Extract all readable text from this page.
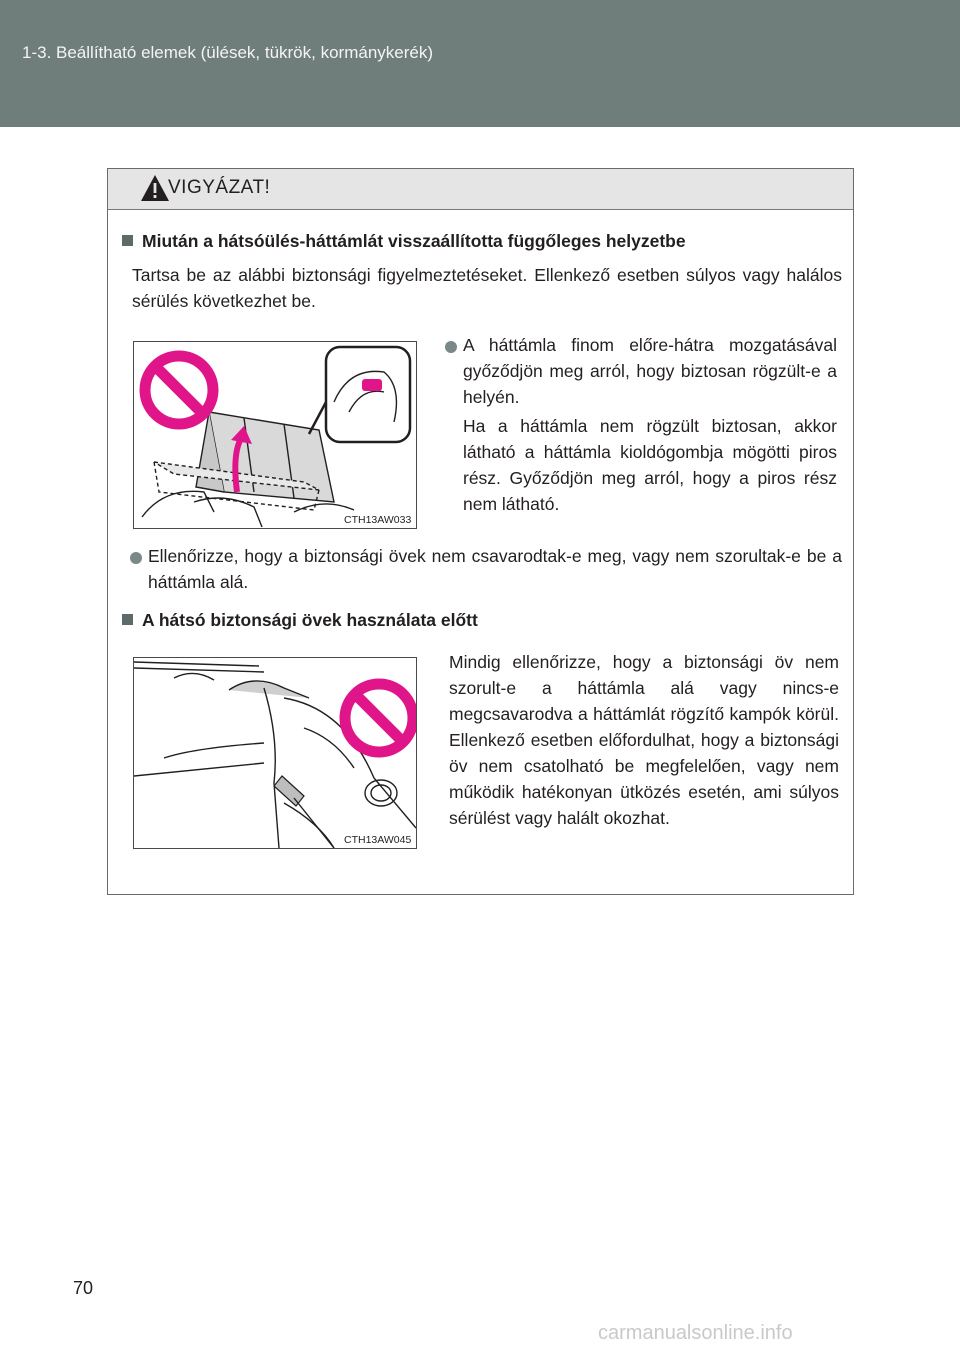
1-3. Beállítható elemek (ülések, tükrök, kormánykerék)
VIGYÁZAT!
Miután a hátsóülés-háttámlát visszaállította függőleges helyzetbe
Tartsa be az alábbi biztonsági figyelmeztetéseket. Ellenkező esetben súlyos vagy halálos sérülés következhet be.
CTH13AW033
A háttámla finom előre-hátra mozgatásával győződjön meg arról, hogy biztosan rögzült-e a helyén.
Ha a háttámla nem rögzült biztosan, akkor látható a háttámla kioldógombja mögötti piros rész. Győződjön meg arról, hogy a piros rész nem látható.
Ellenőrizze, hogy a biztonsági övek nem csavarodtak-e meg, vagy nem szorultak-e be a háttámla alá.
A hátsó biztonsági övek használata előtt
CTH13AW045
Mindig ellenőrizze, hogy a biztonsági öv nem szorult-e a háttámla alá vagy nincs-e megcsavarodva a háttámlát rögzítő kampók körül. Ellenkező esetben előfordulhat, hogy a biztonsági öv nem csatolható be megfelelően, vagy nem működik hatékonyan ütközés esetén, ami súlyos sérülést vagy halált okozhat.
70
carmanualsonline.info
